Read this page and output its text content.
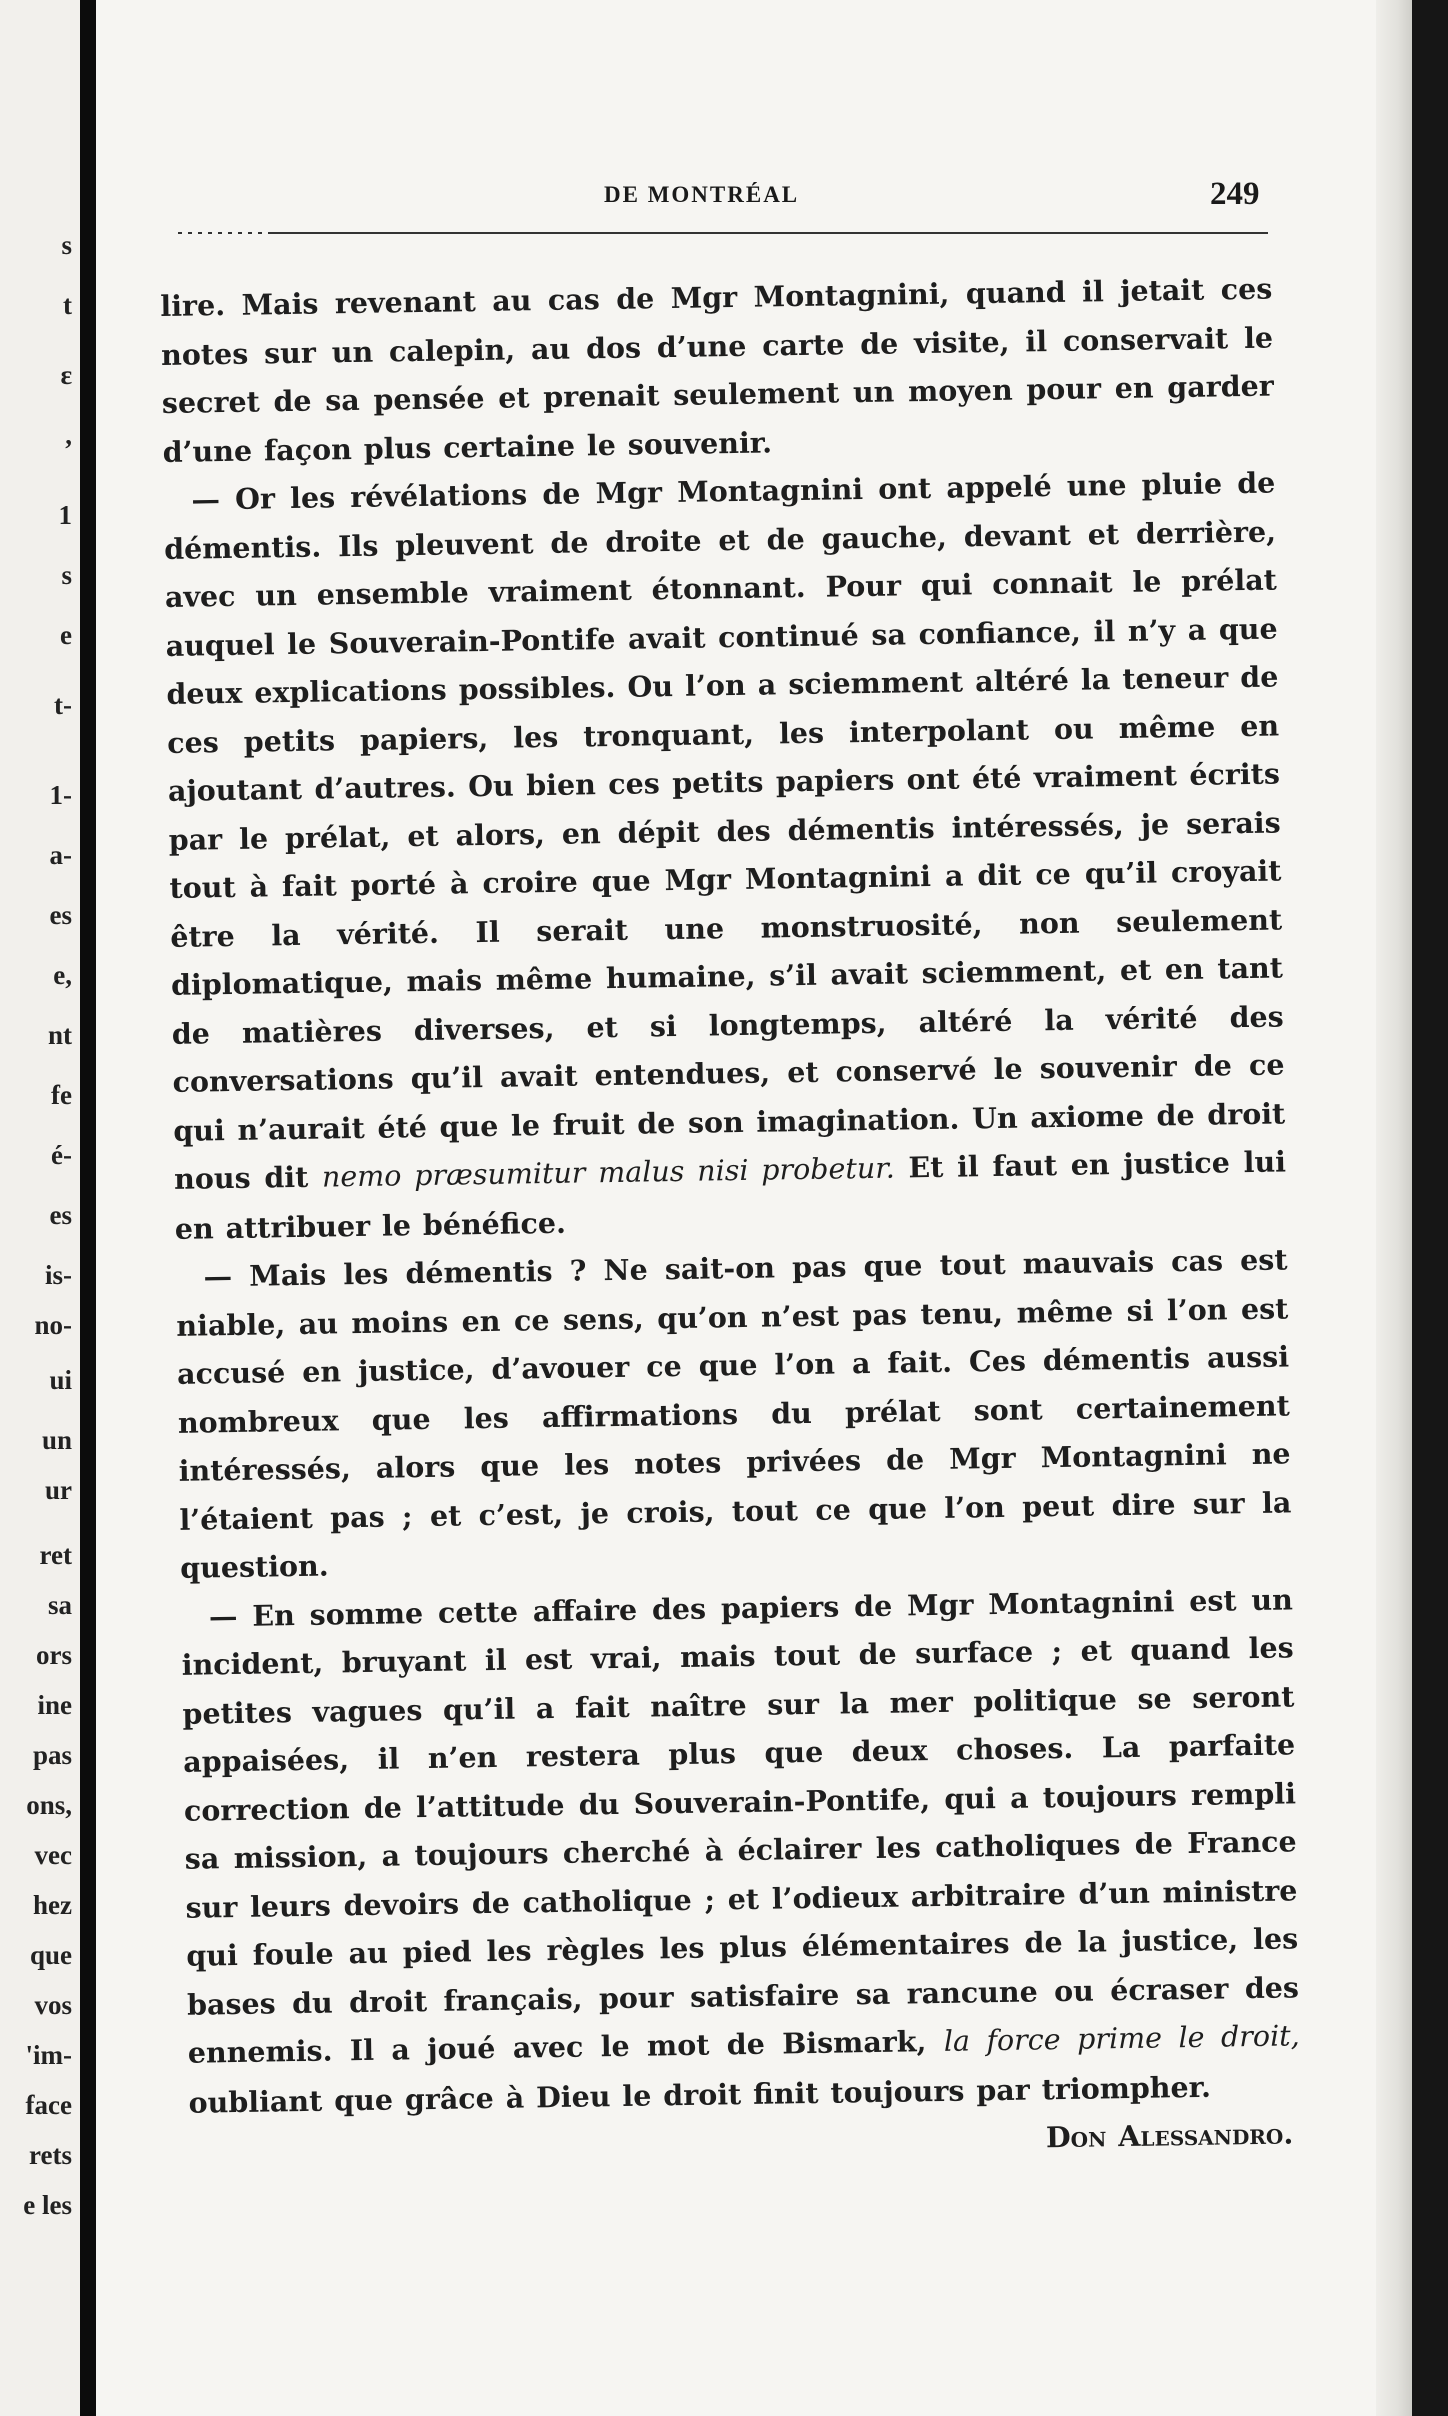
s
t
ɛ
,
1
s
e
t-
1-
a-
es
e,
nt
fe
é-
es
is-
no-
ui
un
ur
ret
sa
ors
ine
pas
ons,
vec
hez
que
vos
'im-
face
rets
e les
DE MONTRÉAL	249

lire. Mais revenant au cas de Mgr Montagnini, quand il jetait ces notes sur un calepin, au dos d’une carte de visite, il conservait le secret de sa pensée et prenait seulement un moyen pour en garder d’une façon plus certaine le souvenir.

— Or les révélations de Mgr Montagnini ont appelé une pluie de démentis. Ils pleuvent de droite et de gauche, devant et derrière, avec un ensemble vraiment étonnant. Pour qui connait le prélat auquel le Souverain-Pontife avait continué sa confiance, il n’y a que deux explications possibles. Ou l’on a sciemment altéré la teneur de ces petits papiers, les tronquant, les interpolant ou même en ajoutant d’autres. Ou bien ces petits papiers ont été vraiment écrits par le prélat, et alors, en dépit des démentis intéressés, je serais tout à fait porté à croire que Mgr Montagnini a dit ce qu’il croyait être la vérité. Il serait une monstruosité, non seulement diplomatique, mais même humaine, s’il avait sciemment, et en tant de matières diverses, et si longtemps, altéré la vérité des conversations qu’il avait entendues, et conservé le souvenir de ce qui n’aurait été que le fruit de son imagination. Un axiome de droit nous dit nemo præsumitur malus nisi probetur. Et il faut en justice lui en attribuer le bénéfice.

— Mais les démentis ? Ne sait-on pas que tout mauvais cas est niable, au moins en ce sens, qu’on n’est pas tenu, même si l’on est accusé en justice, d’avouer ce que l’on a fait. Ces démentis aussi nombreux que les affirmations du prélat sont certainement intéressés, alors que les notes privées de Mgr Montagnini ne l’étaient pas ; et c’est, je crois, tout ce que l’on peut dire sur la question.

— En somme cette affaire des papiers de Mgr Montagnini est un incident, bruyant il est vrai, mais tout de surface ; et quand les petites vagues qu’il a fait naître sur la mer politique se seront appaisées, il n’en restera plus que deux choses. La parfaite correction de l’attitude du Souverain-Pontife, qui a toujours rempli sa mission, a toujours cherché à éclairer les catholiques de France sur leurs devoirs de catholique ; et l’odieux arbitraire d’un ministre qui foule au pied les règles les plus élémentaires de la justice, les bases du droit français, pour satisfaire sa rancune ou écraser des ennemis. Il a joué avec le mot de Bismark, la force prime le droit, oubliant que grâce à Dieu le droit finit toujours par triompher.

Don Alessandro.
